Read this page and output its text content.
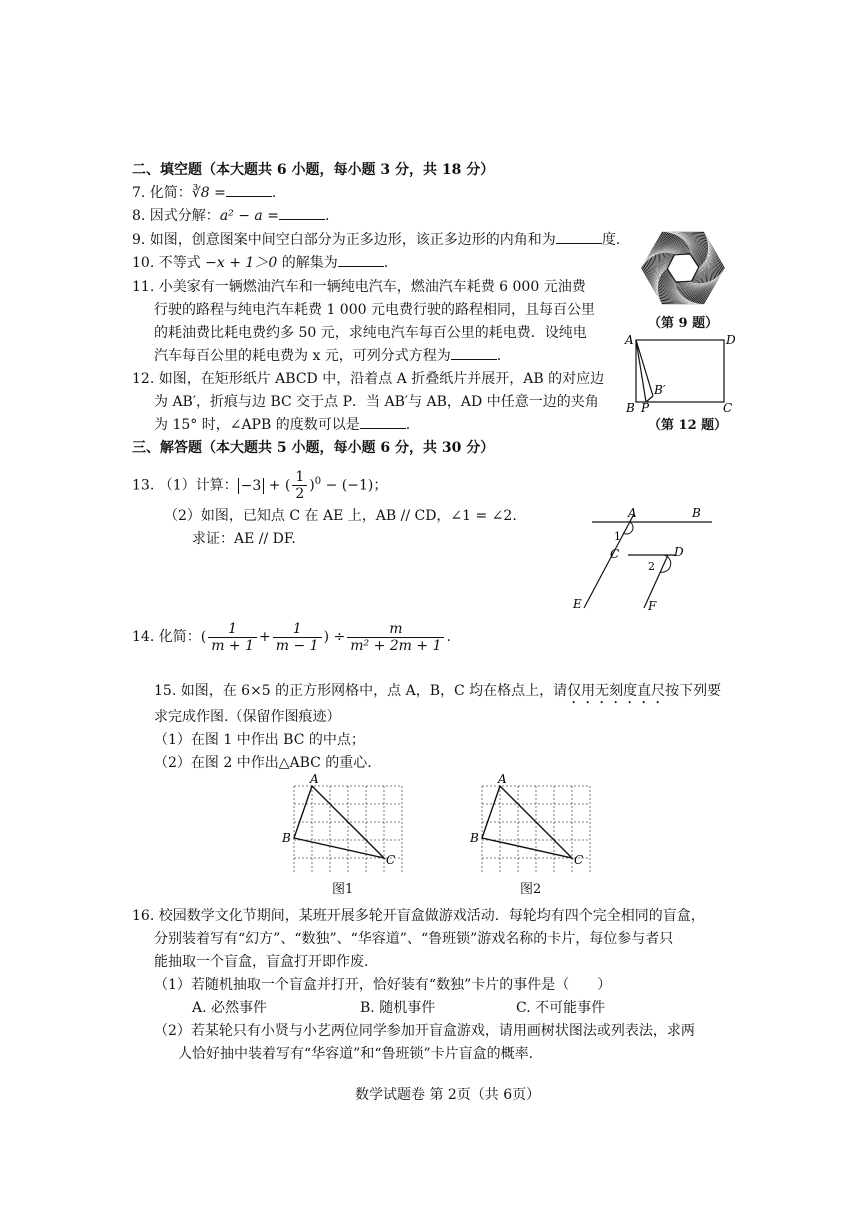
二、填空题（本大题共 6 小题，每小题 3 分，共 18 分）
7. 化简：∛8 =	.
8. 因式分解：a² − a =	.
9. 如图，创意图案中间空白部分为正多边形，该正多边形的内角和为	度.
10. 不等式 −x + 1＞0 的解集为	.
11. 小美家有一辆燃油汽车和一辆纯电汽车，燃油汽车耗费 6 000 元油费
行驶的路程与纯电汽车耗费 1 000 元电费行驶的路程相同，且每百公里
的耗油费比耗电费约多 50 元，求纯电汽车每百公里的耗电费．设纯电
汽车每百公里的耗电费为 x 元，可列分式方程为	.
12. 如图，在矩形纸片 ABCD 中，沿着点 A 折叠纸片并展开，AB 的对应边
为 AB′，折痕与边 BC 交于点 P．当 AB′与 AB，AD 中任意一边的夹角
为 15° 时，∠APB 的度数可以是	.
（第 9 题）
A	D
B P
B′
C
（第 12 题）
三、解答题（本大题共 5 小题，每小题 6 分，共 30 分）
13. （1）计算： −3 + ( $\frac{1}{2} )^0 - (-1)$；
（2）如图，已知点 C 在 AE 上，AB // CD，∠1 = ∠2.
求证：AE // DF.
A	B
C	D
E	F
1
2
14. 化简：( $\frac{1}{m + 1} + \frac{1}{m - 1}$ ) ÷ $\frac{m}{\text{m² + 2m + 1}}$ .
15. 如图，在 6×5 的正方形网格中，点 A，B，C 均在格点上，请仅用无刻度直尺按下列要
求完成作图.（保留作图痕迹）
（1）在图 1 中作出 BC 的中点；
（2）在图 2 中作出△ABC 的重心.
A
B
C
图1
A
B
C
图2
16. 校园数学文化节期间，某班开展多轮开盲盒做游戏活动．每轮均有四个完全相同的盲盒，
分别装着写有“幻方”、“数独”、“华容道”、“鲁班锁”游戏名称的卡片，每位参与者只
能抽取一个盲盒，盲盒打开即作废.
（1）若随机抽取一个盲盒并打开，恰好装有“数独”卡片的事件是（　　）
A. 必然事件	B. 随机事件	C. 不可能事件
（2）若某轮只有小贤与小艺两位同学参加开盲盒游戏，请用画树状图法或列表法，求两
人恰好抽中装着写有“华容道”和“鲁班锁”卡片盲盒的概率.
数学试题卷 第 2页（共 6页）
